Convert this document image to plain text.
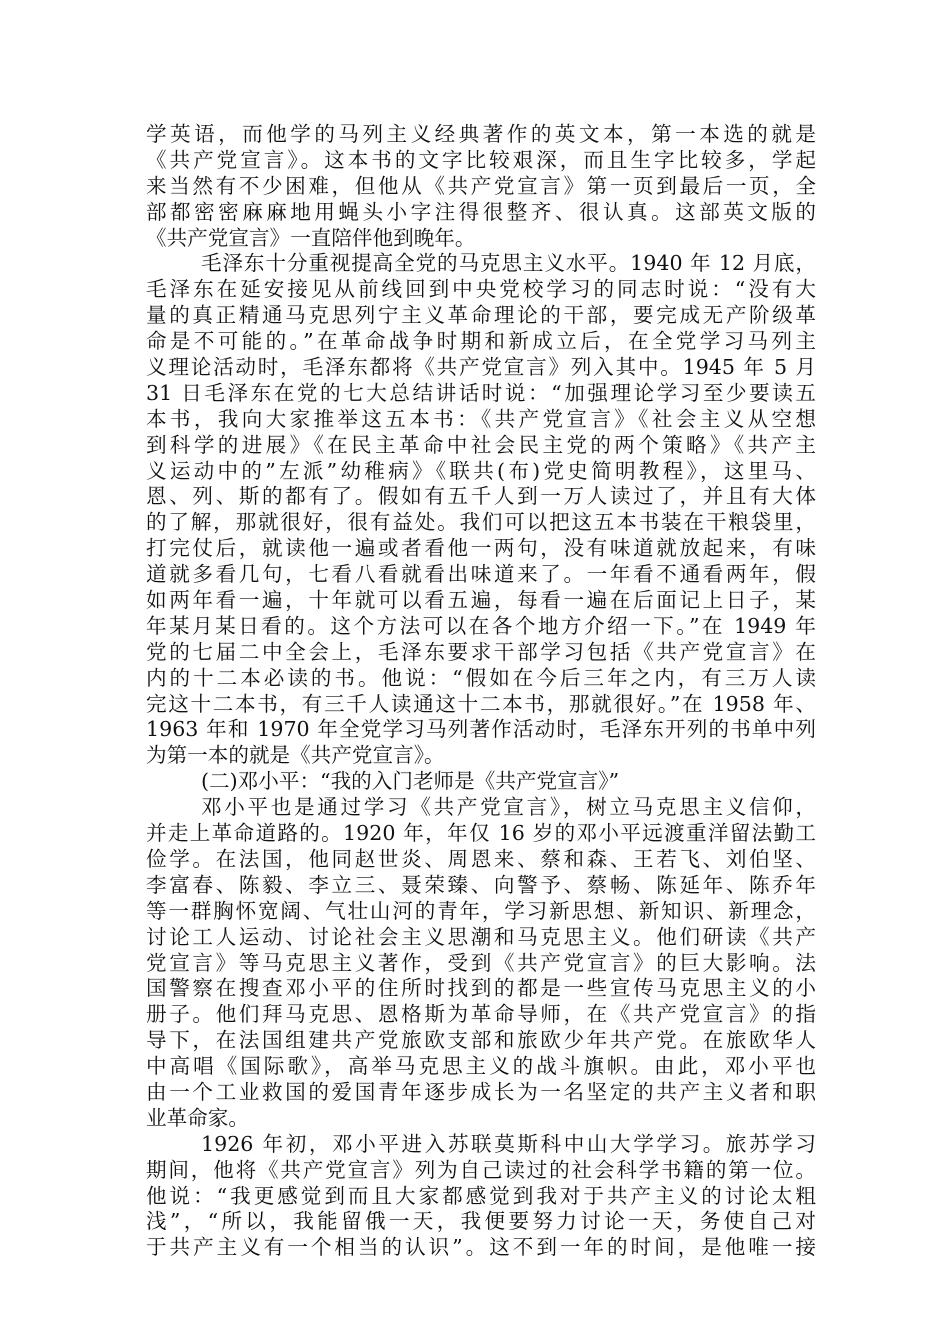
学英语，而他学的马列主义经典著作的英文本，第一本选的就是
《共产党宣言》。这本书的文字比较艰深，而且生字比较多，学起
来当然有不少困难，但他从《共产党宣言》第一页到最后一页，全
部都密密麻麻地用蝇头小字注得很整齐、很认真。这部英文版的
《共产党宣言》一直陪伴他到晚年。
毛泽东十分重视提高全党的马克思主义水平。1940 年 12 月底，
毛泽东在延安接见从前线回到中央党校学习的同志时说：“没有大
量的真正精通马克思列宁主义革命理论的干部，要完成无产阶级革
命是不可能的。”在革命战争时期和新成立后，在全党学习马列主
义理论活动时，毛泽东都将《共产党宣言》列入其中。1945 年 5 月
31 日毛泽东在党的七大总结讲话时说：“加强理论学习至少要读五
本书，我向大家推举这五本书：《共产党宣言》《社会主义从空想
到科学的进展》《在民主革命中社会民主党的两个策略》《共产主
义运动中的”左派”幼稚病》《联共(布)党史简明教程》，这里马、
恩、列、斯的都有了。假如有五千人到一万人读过了，并且有大体
的了解，那就很好，很有益处。我们可以把这五本书装在干粮袋里，
打完仗后，就读他一遍或者看他一两句，没有味道就放起来，有味
道就多看几句，七看八看就看出味道来了。一年看不通看两年，假
如两年看一遍，十年就可以看五遍，每看一遍在后面记上日子，某
年某月某日看的。这个方法可以在各个地方介绍一下。”在 1949 年
党的七届二中全会上，毛泽东要求干部学习包括《共产党宣言》在
内的十二本必读的书。他说：“假如在今后三年之内，有三万人读
完这十二本书，有三千人读通这十二本书，那就很好。”在 1958 年、
1963 年和 1970 年全党学习马列著作活动时，毛泽东开列的书单中列
为第一本的就是《共产党宣言》。
(二)邓小平：“我的入门老师是《共产党宣言》”
邓小平也是通过学习《共产党宣言》，树立马克思主义信仰，
并走上革命道路的。1920 年，年仅 16 岁的邓小平远渡重洋留法勤工
俭学。在法国，他同赵世炎、周恩来、蔡和森、王若飞、刘伯坚、
李富春、陈毅、李立三、聂荣臻、向警予、蔡畅、陈延年、陈乔年
等一群胸怀宽阔、气壮山河的青年，学习新思想、新知识、新理念，
讨论工人运动、讨论社会主义思潮和马克思主义。他们研读《共产
党宣言》等马克思主义著作，受到《共产党宣言》的巨大影响。法
国警察在搜查邓小平的住所时找到的都是一些宣传马克思主义的小
册子。他们拜马克思、恩格斯为革命导师，在《共产党宣言》的指
导下，在法国组建共产党旅欧支部和旅欧少年共产党。在旅欧华人
中高唱《国际歌》，高举马克思主义的战斗旗帜。由此，邓小平也
由一个工业救国的爱国青年逐步成长为一名坚定的共产主义者和职
业革命家。
1926 年初，邓小平进入苏联莫斯科中山大学学习。旅苏学习
期间，他将《共产党宣言》列为自己读过的社会科学书籍的第一位。
他说：“我更感觉到而且大家都感觉到我对于共产主义的讨论太粗
浅”，“所以，我能留俄一天，我便要努力讨论一天，务使自己对
于共产主义有一个相当的认识”。这不到一年的时间，是他唯一接
